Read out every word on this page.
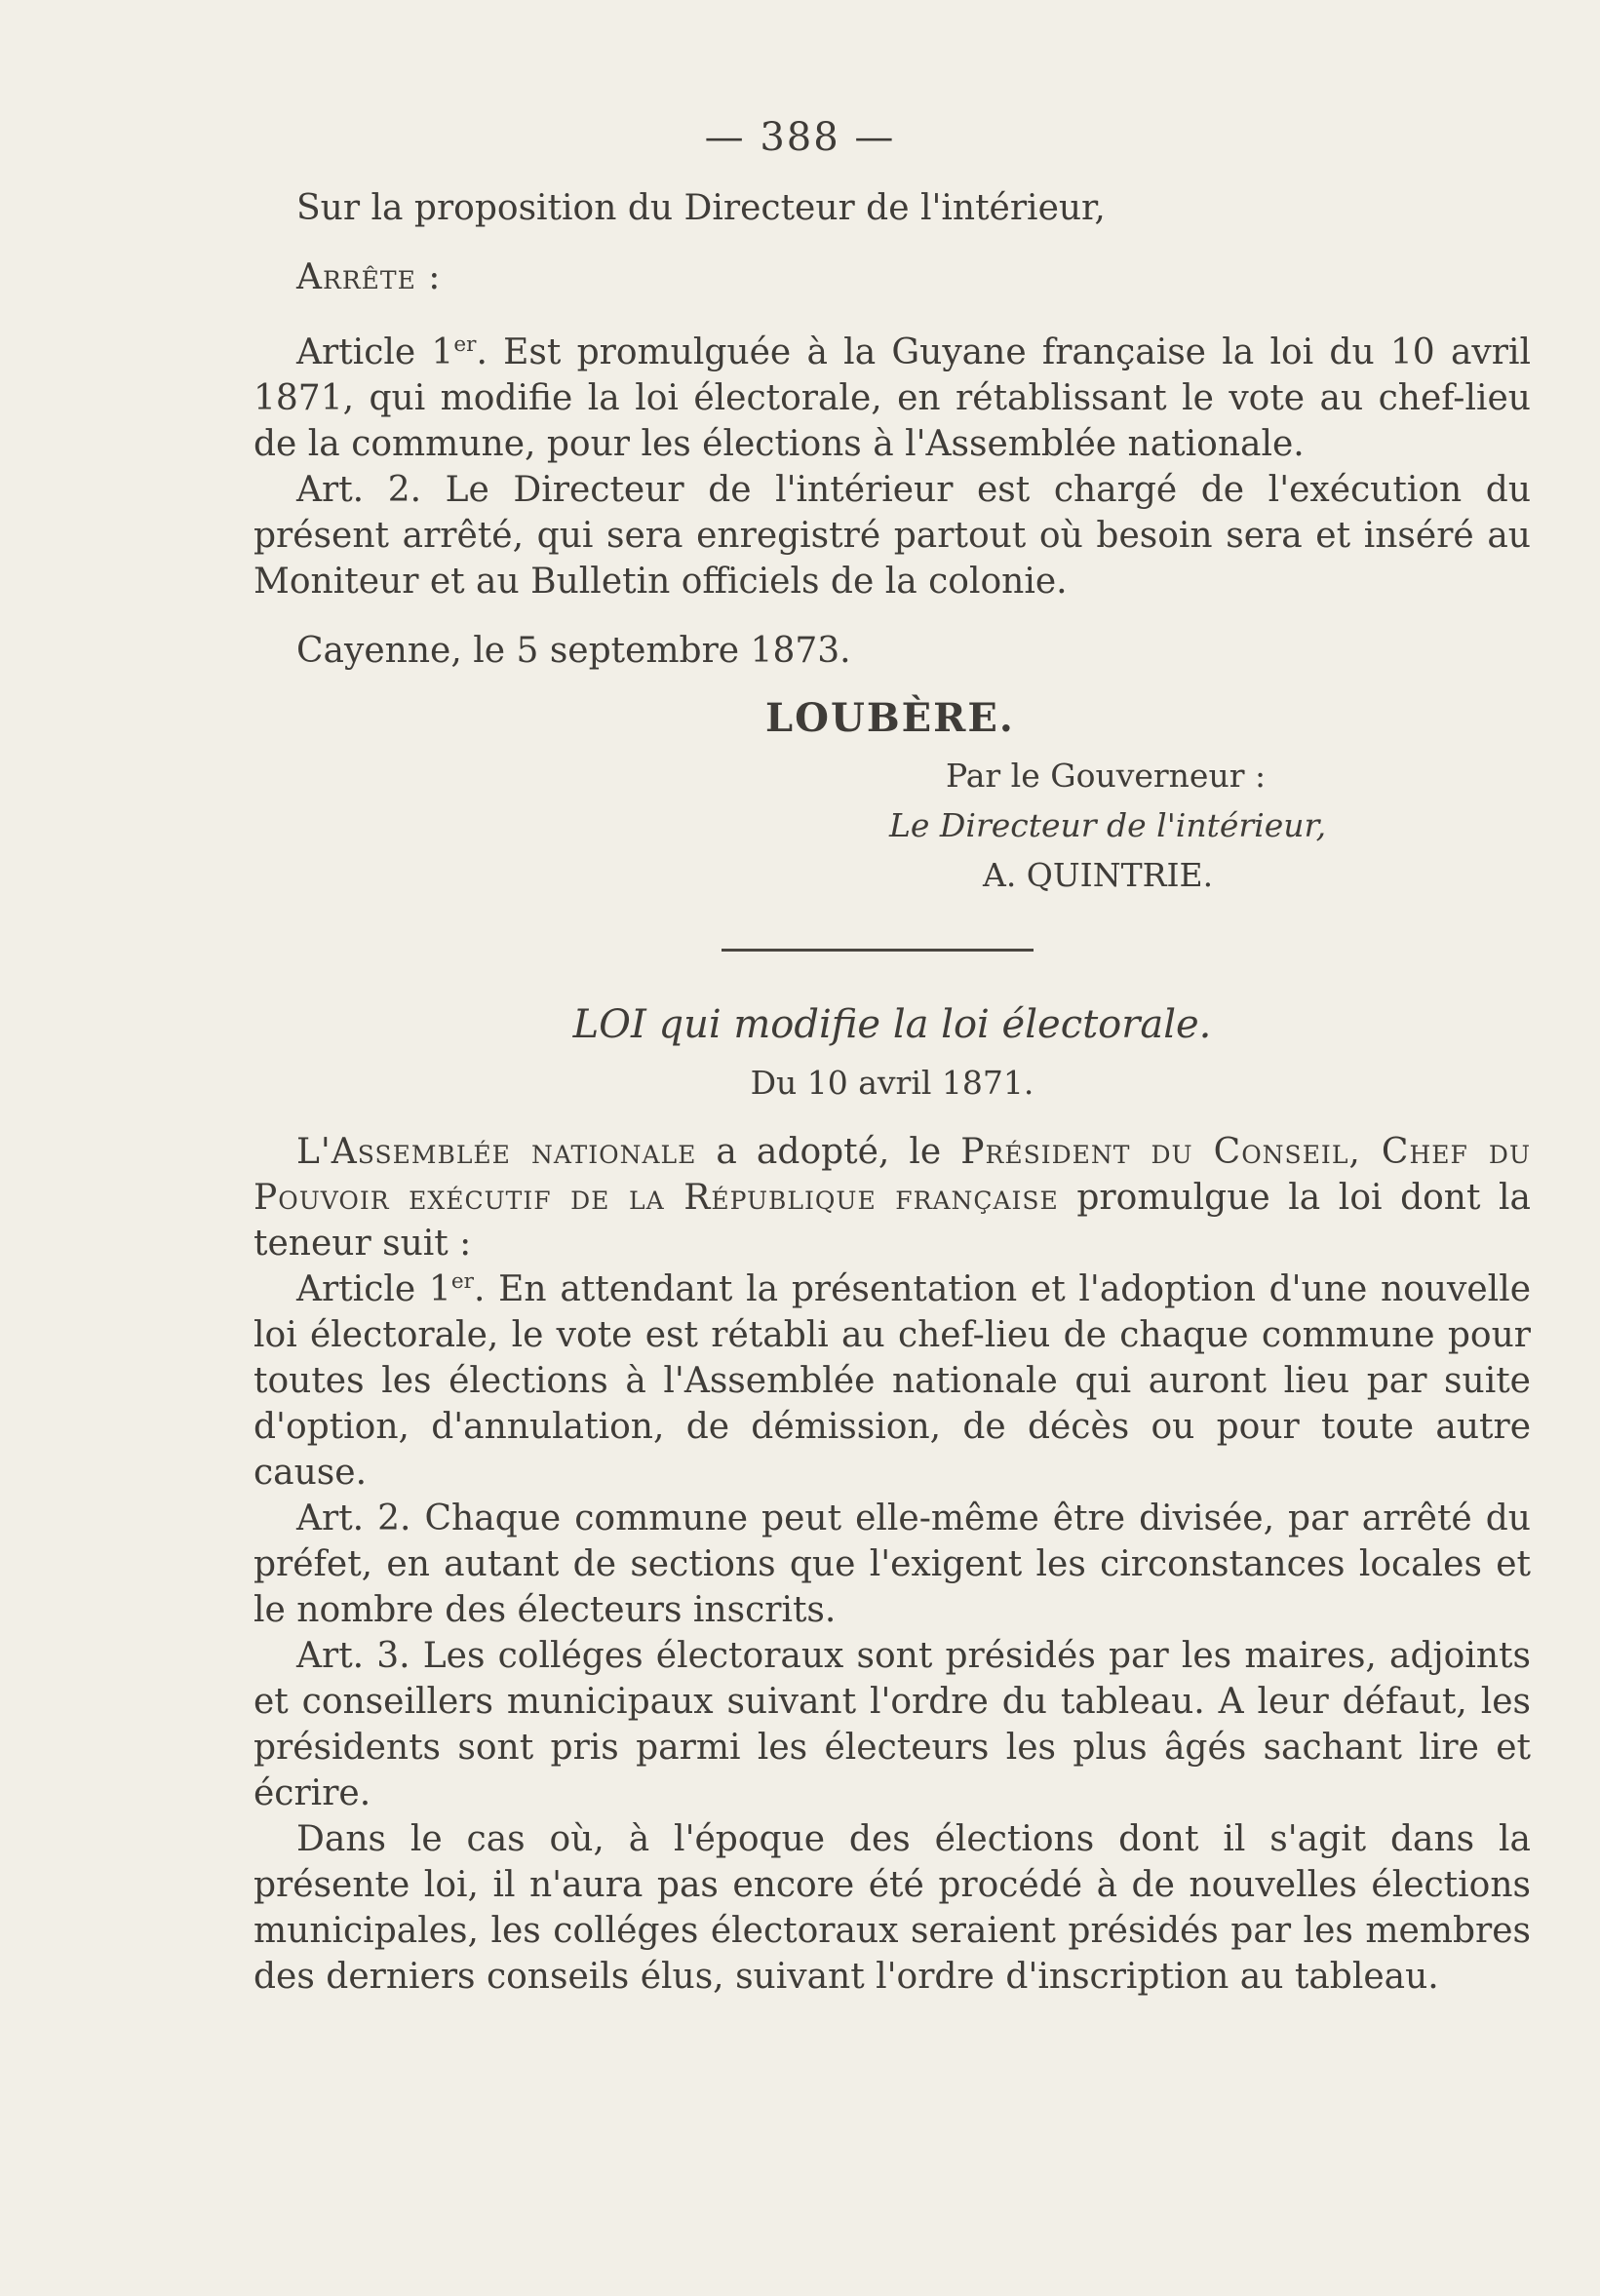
— 388 —

Sur la proposition du Directeur de l'intérieur,

Arrête :

Article 1er. Est promulguée à la Guyane française la loi du 10 avril 1871, qui modifie la loi électorale, en rétablissant le vote au chef-lieu de la commune, pour les élections à l'Assemblée nationale.

Art. 2. Le Directeur de l'intérieur est chargé de l'exécution du présent arrêté, qui sera enregistré partout où besoin sera et inséré au Moniteur et au Bulletin officiels de la colonie.

Cayenne, le 5 septembre 1873.

LOUBÈRE.

Par le Gouverneur :

Le Directeur de l'intérieur,

A. QUINTRIE.

LOI qui modifie la loi électorale.

Du 10 avril 1871.

L'Assemblée nationale a adopté, le Président du Conseil, Chef du Pouvoir exécutif de la République française promulgue la loi dont la teneur suit :

Article 1er. En attendant la présentation et l'adoption d'une nouvelle loi électorale, le vote est rétabli au chef-lieu de chaque commune pour toutes les élections à l'Assemblée nationale qui auront lieu par suite d'option, d'annulation, de démission, de décès ou pour toute autre cause.

Art. 2. Chaque commune peut elle-même être divisée, par arrêté du préfet, en autant de sections que l'exigent les circonstances locales et le nombre des électeurs inscrits.

Art. 3. Les colléges électoraux sont présidés par les maires, adjoints et conseillers municipaux suivant l'ordre du tableau. A leur défaut, les présidents sont pris parmi les électeurs les plus âgés sachant lire et écrire.

Dans le cas où, à l'époque des élections dont il s'agit dans la présente loi, il n'aura pas encore été procédé à de nouvelles élections municipales, les colléges électoraux seraient présidés par les membres des derniers conseils élus, suivant l'ordre d'inscription au tableau.
